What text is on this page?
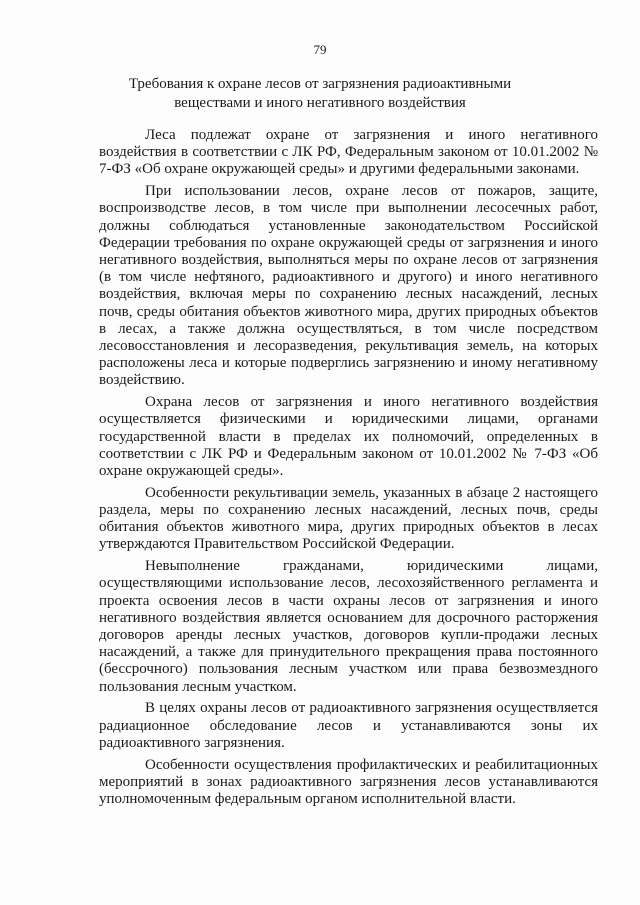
79
Требования к охране лесов от загрязнения радиоактивными
веществами и иного негативного воздействия

Леса подлежат охране от загрязнения и иного негативного воздействия в соответствии с ЛК РФ, Федеральным законом от 10.01.2002 № 7-ФЗ «Об охране окружающей среды» и другими федеральными законами.

При использовании лесов, охране лесов от пожаров, защите, воспроизводстве лесов, в том числе при выполнении лесосечных работ, должны соблюдаться установленные законодательством Российской Федерации требования по охране окружающей среды от загрязнения и иного негативного воздействия, выполняться меры по охране лесов от загрязнения (в том числе нефтяного, радиоактивного и другого) и иного негативного воздействия, включая меры по сохранению лесных насаждений, лесных почв, среды обитания объектов животного мира, других природных объектов в лесах, а также должна осуществляться, в том числе посредством лесовосстановления и лесоразведения, рекультивация земель, на которых расположены леса и которые подверглись загрязнению и иному негативному воздействию.

Охрана лесов от загрязнения и иного негативного воздействия осуществляется физическими и юридическими лицами, органами государственной власти в пределах их полномочий, определенных в соответствии с ЛК РФ и Федеральным законом от 10.01.2002 № 7-ФЗ «Об охране окружающей среды».

Особенности рекультивации земель, указанных в абзаце 2 настоящего раздела, меры по сохранению лесных насаждений, лесных почв, среды обитания объектов животного мира, других природных объектов в лесах утверждаются Правительством Российской Федерации.

Невыполнение гражданами, юридическими лицами, осуществляющими использование лесов, лесохозяйственного регламента и проекта освоения лесов в части охраны лесов от загрязнения и иного негативного воздействия является основанием для досрочного расторжения договоров аренды лесных участков, договоров купли-продажи лесных насаждений, а также для принудительного прекращения права постоянного (бессрочного) пользования лесным участком или права безвозмездного пользования лесным участком.

В целях охраны лесов от радиоактивного загрязнения осуществляется радиационное обследование лесов и устанавливаются зоны их радиоактивного загрязнения.

Особенности осуществления профилактических и реабилитационных мероприятий в зонах радиоактивного загрязнения лесов устанавливаются уполномоченным федеральным органом исполнительной власти.
